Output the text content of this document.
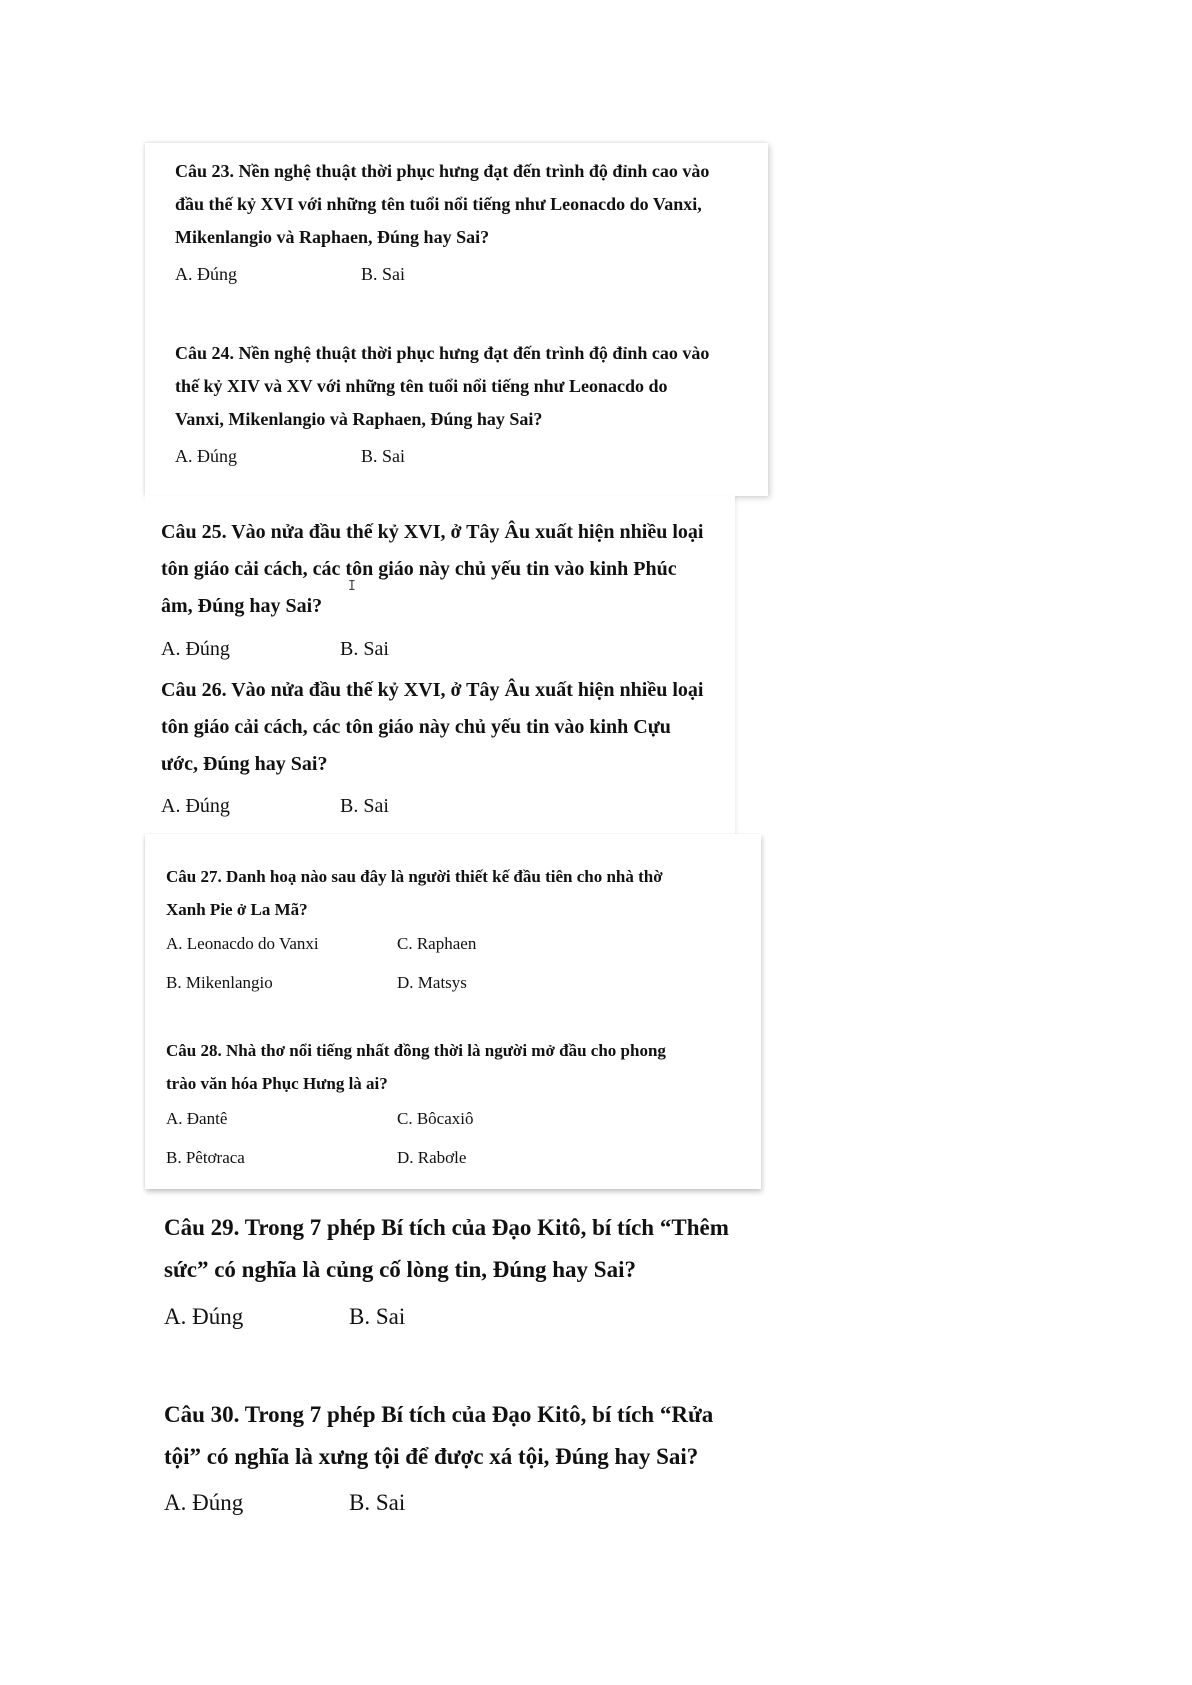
Câu 23. Nền nghệ thuật thời phục hưng đạt đến trình độ đỉnh cao vào
đầu thế kỷ XVI với những tên tuổi nổi tiếng như Leonacdo do Vanxi,
Mikenlangio và Raphaen, Đúng hay Sai?

A. Đúng	B. Sai

Câu 24. Nền nghệ thuật thời phục hưng đạt đến trình độ đỉnh cao vào
thế kỷ XIV và XV với những tên tuổi nổi tiếng như Leonacdo do
Vanxi, Mikenlangio và Raphaen, Đúng hay Sai?

A. Đúng	B. Sai

Câu 25. Vào nửa đầu thế kỷ XVI, ở Tây Âu xuất hiện nhiều loại
tôn giáo cải cách, các tôn giáo này chủ yếu tin vào kinh Phúc
âm, Đúng hay Sai?

I
A. Đúng	B. Sai

Câu 26. Vào nửa đầu thế kỷ XVI, ở Tây Âu xuất hiện nhiều loại
tôn giáo cải cách, các tôn giáo này chủ yếu tin vào kinh Cựu
ước, Đúng hay Sai?

A. Đúng	B. Sai

Câu 27. Danh hoạ nào sau đây là người thiết kế đầu tiên cho nhà thờ
Xanh Pie ở La Mã?

A. Leonacdo do Vanxi	C. Raphaen
B. Mikenlangio	D. Matsys

Câu 28. Nhà thơ nổi tiếng nhất đồng thời là người mở đầu cho phong
trào văn hóa Phục Hưng là ai?

A. Đantê	C. Bôcaxiô
B. Pêtơraca	D. Rabơle

Câu 29. Trong 7 phép Bí tích của Đạo Kitô, bí tích “Thêm
sức” có nghĩa là củng cố lòng tin, Đúng hay Sai?

A. Đúng	B. Sai

Câu 30. Trong 7 phép Bí tích của Đạo Kitô, bí tích “Rửa
tội” có nghĩa là xưng tội để được xá tội, Đúng hay Sai?

A. Đúng	B. Sai
